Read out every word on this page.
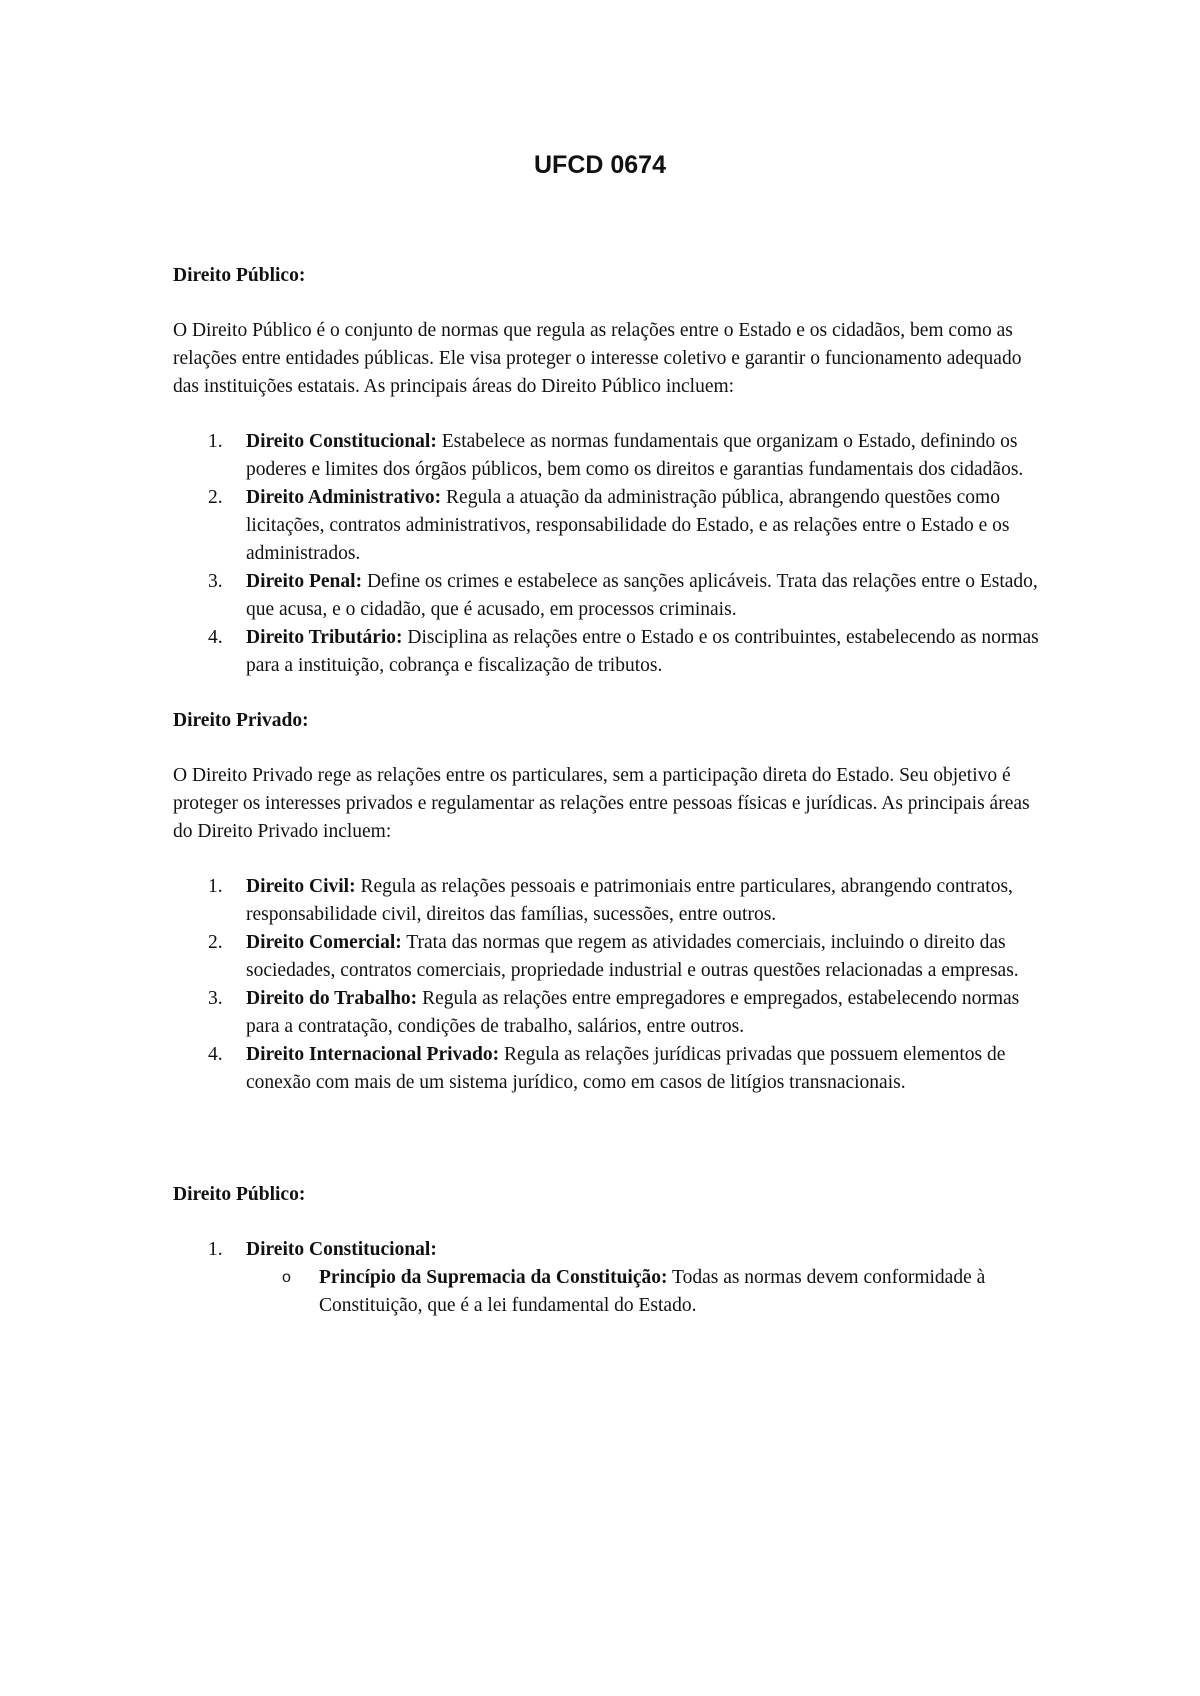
UFCD 0674

Direito Público:

O Direito Público é o conjunto de normas que regula as relações entre o Estado e os cidadãos, bem como as relações entre entidades públicas. Ele visa proteger o interesse coletivo e garantir o funcionamento adequado das instituições estatais. As principais áreas do Direito Público incluem:

1.	Direito Constitucional: Estabelece as normas fundamentais que organizam o Estado, definindo os poderes e limites dos órgãos públicos, bem como os direitos e garantias fundamentais dos cidadãos.
2.	Direito Administrativo: Regula a atuação da administração pública, abrangendo questões como licitações, contratos administrativos, responsabilidade do Estado, e as relações entre o Estado e os administrados.
3.	Direito Penal: Define os crimes e estabelece as sanções aplicáveis. Trata das relações entre o Estado, que acusa, e o cidadão, que é acusado, em processos criminais.
4.	Direito Tributário: Disciplina as relações entre o Estado e os contribuintes, estabelecendo as normas para a instituição, cobrança e fiscalização de tributos.

Direito Privado:

O Direito Privado rege as relações entre os particulares, sem a participação direta do Estado. Seu objetivo é proteger os interesses privados e regulamentar as relações entre pessoas físicas e jurídicas. As principais áreas do Direito Privado incluem:

1.	Direito Civil: Regula as relações pessoais e patrimoniais entre particulares, abrangendo contratos, responsabilidade civil, direitos das famílias, sucessões, entre outros.
2.	Direito Comercial: Trata das normas que regem as atividades comerciais, incluindo o direito das sociedades, contratos comerciais, propriedade industrial e outras questões relacionadas a empresas.
3.	Direito do Trabalho: Regula as relações entre empregadores e empregados, estabelecendo normas para a contratação, condições de trabalho, salários, entre outros.
4.	Direito Internacional Privado: Regula as relações jurídicas privadas que possuem elementos de conexão com mais de um sistema jurídico, como em casos de litígios transnacionais.

Direito Público:

1.	Direito Constitucional:
o Princípio da Supremacia da Constituição: Todas as normas devem conformidade à Constituição, que é a lei fundamental do Estado.
